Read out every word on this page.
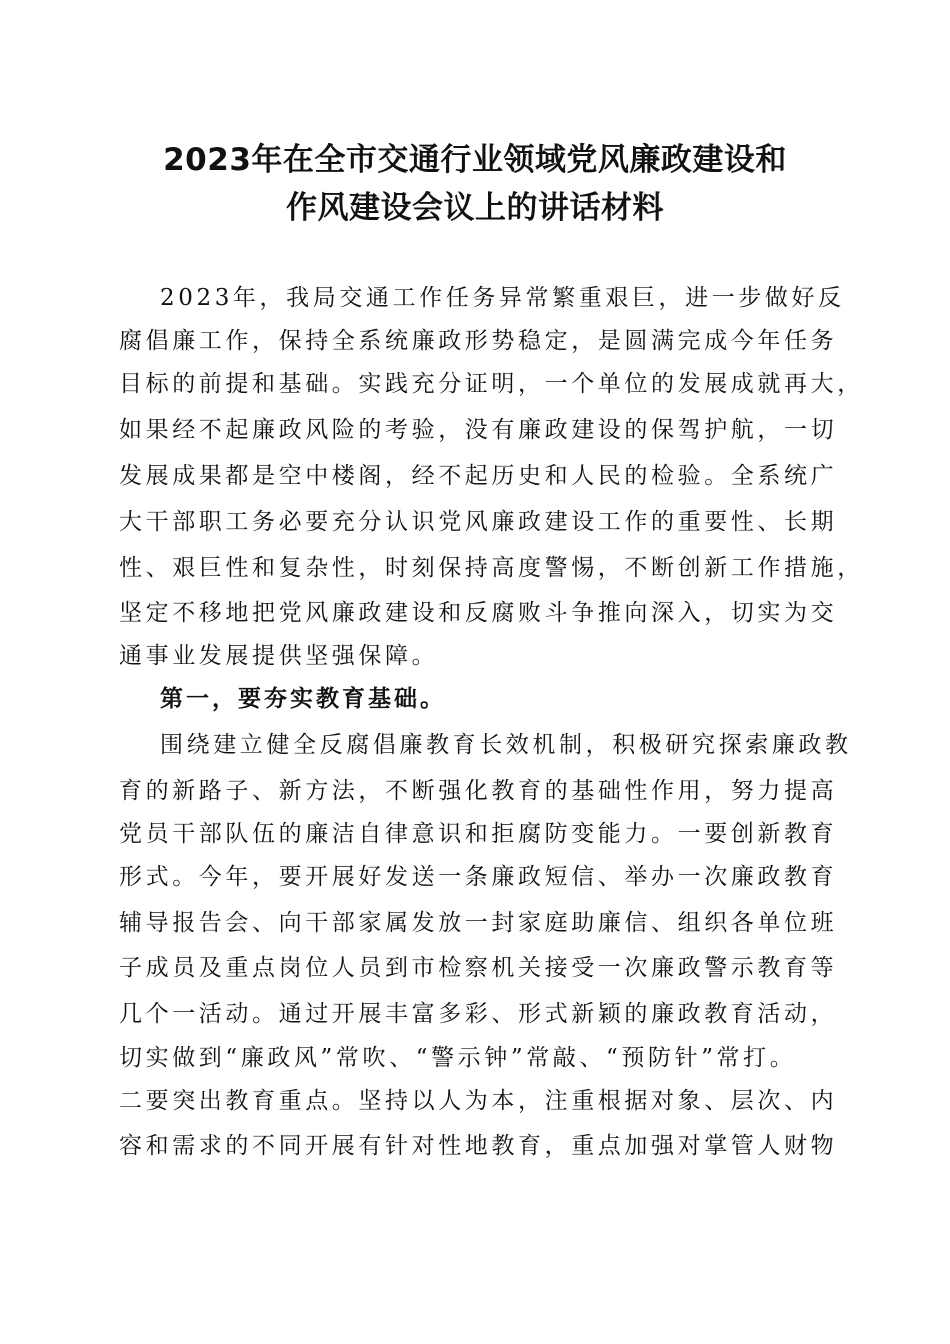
2023年在全市交通行业领域党风廉政建设和
作风建设会议上的讲话材料
2023年，我局交通工作任务异常繁重艰巨，进一步做好反
腐倡廉工作，保持全系统廉政形势稳定，是圆满完成今年任务
目标的前提和基础。实践充分证明，一个单位的发展成就再大，
如果经不起廉政风险的考验，没有廉政建设的保驾护航，一切
发展成果都是空中楼阁，经不起历史和人民的检验。全系统广
大干部职工务必要充分认识党风廉政建设工作的重要性、长期
性、艰巨性和复杂性，时刻保持高度警惕，不断创新工作措施，
坚定不移地把党风廉政建设和反腐败斗争推向深入，切实为交
通事业发展提供坚强保障。
第一，要夯实教育基础。
围绕建立健全反腐倡廉教育长效机制，积极研究探索廉政教
育的新路子、新方法，不断强化教育的基础性作用，努力提高
党员干部队伍的廉洁自律意识和拒腐防变能力。一要创新教育
形式。今年，要开展好发送一条廉政短信、举办一次廉政教育
辅导报告会、向干部家属发放一封家庭助廉信、组织各单位班
子成员及重点岗位人员到市检察机关接受一次廉政警示教育等
几个一活动。通过开展丰富多彩、形式新颖的廉政教育活动，
切实做到“廉政风”常吹、“警示钟”常敲、“预防针”常打。
二要突出教育重点。坚持以人为本，注重根据对象、层次、内
容和需求的不同开展有针对性地教育，重点加强对掌管人财物
